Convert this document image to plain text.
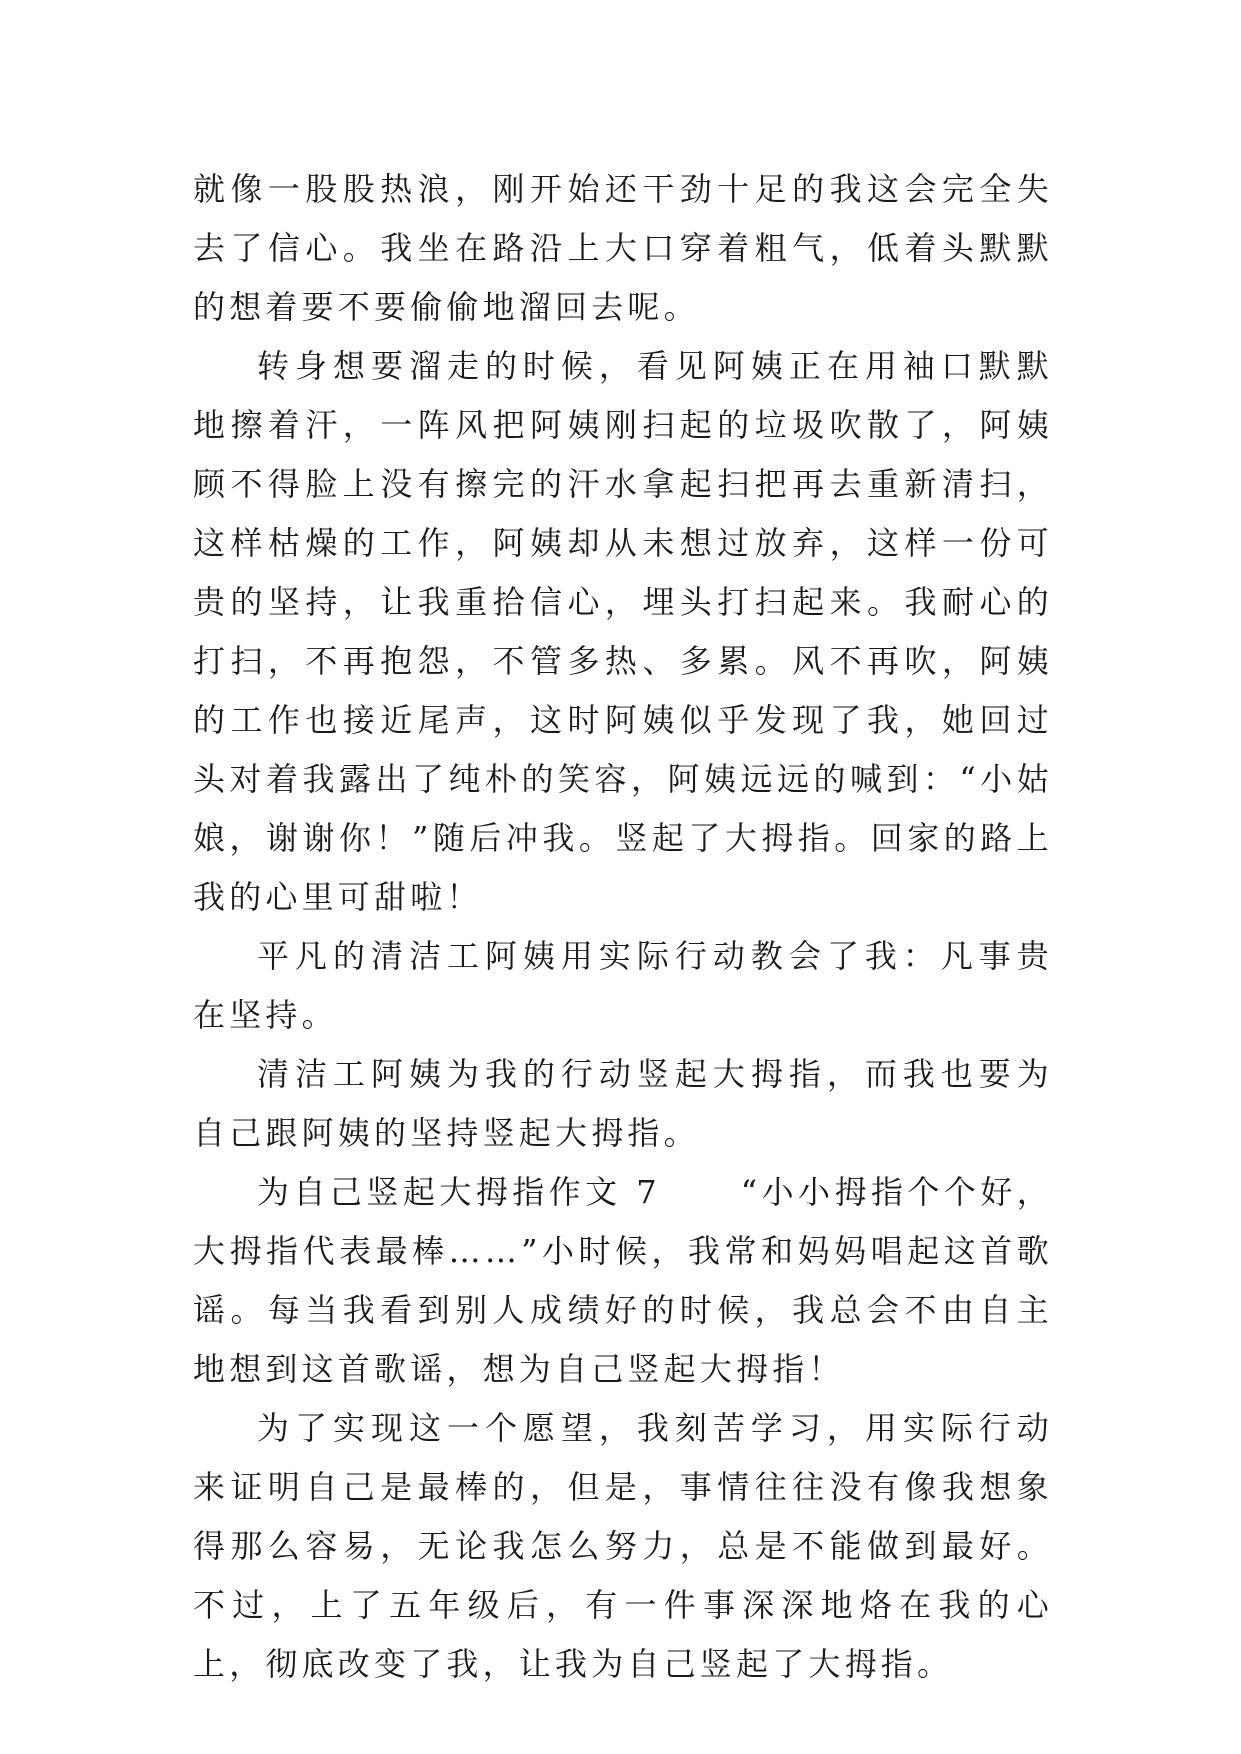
就像一股股热浪，刚开始还干劲十足的我这会完全失去了信心。我坐在路沿上大口穿着粗气，低着头默默的想着要不要偷偷地溜回去呢。

转身想要溜走的时候，看见阿姨正在用袖口默默地擦着汗，一阵风把阿姨刚扫起的垃圾吹散了，阿姨顾不得脸上没有擦完的汗水拿起扫把再去重新清扫，这样枯燥的工作，阿姨却从未想过放弃，这样一份可贵的坚持，让我重拾信心，埋头打扫起来。我耐心的打扫，不再抱怨，不管多热、多累。风不再吹，阿姨的工作也接近尾声，这时阿姨似乎发现了我，她回过头对着我露出了纯朴的笑容，阿姨远远的喊到：“小姑娘，谢谢你！”随后冲我。竖起了大拇指。回家的路上我的心里可甜啦！

平凡的清洁工阿姨用实际行动教会了我：凡事贵在坚持。

清洁工阿姨为我的行动竖起大拇指，而我也要为自己跟阿姨的坚持竖起大拇指。

为自己竖起大拇指作文 7	“小小拇指个个好，大拇指代表最棒……”小时候，我常和妈妈唱起这首歌谣。每当我看到别人成绩好的时候，我总会不由自主地想到这首歌谣，想为自己竖起大拇指！

为了实现这一个愿望，我刻苦学习，用实际行动来证明自己是最棒的，但是，事情往往没有像我想象得那么容易，无论我怎么努力，总是不能做到最好。不过，上了五年级后，有一件事深深地烙在我的心上，彻底改变了我，让我为自己竖起了大拇指。
